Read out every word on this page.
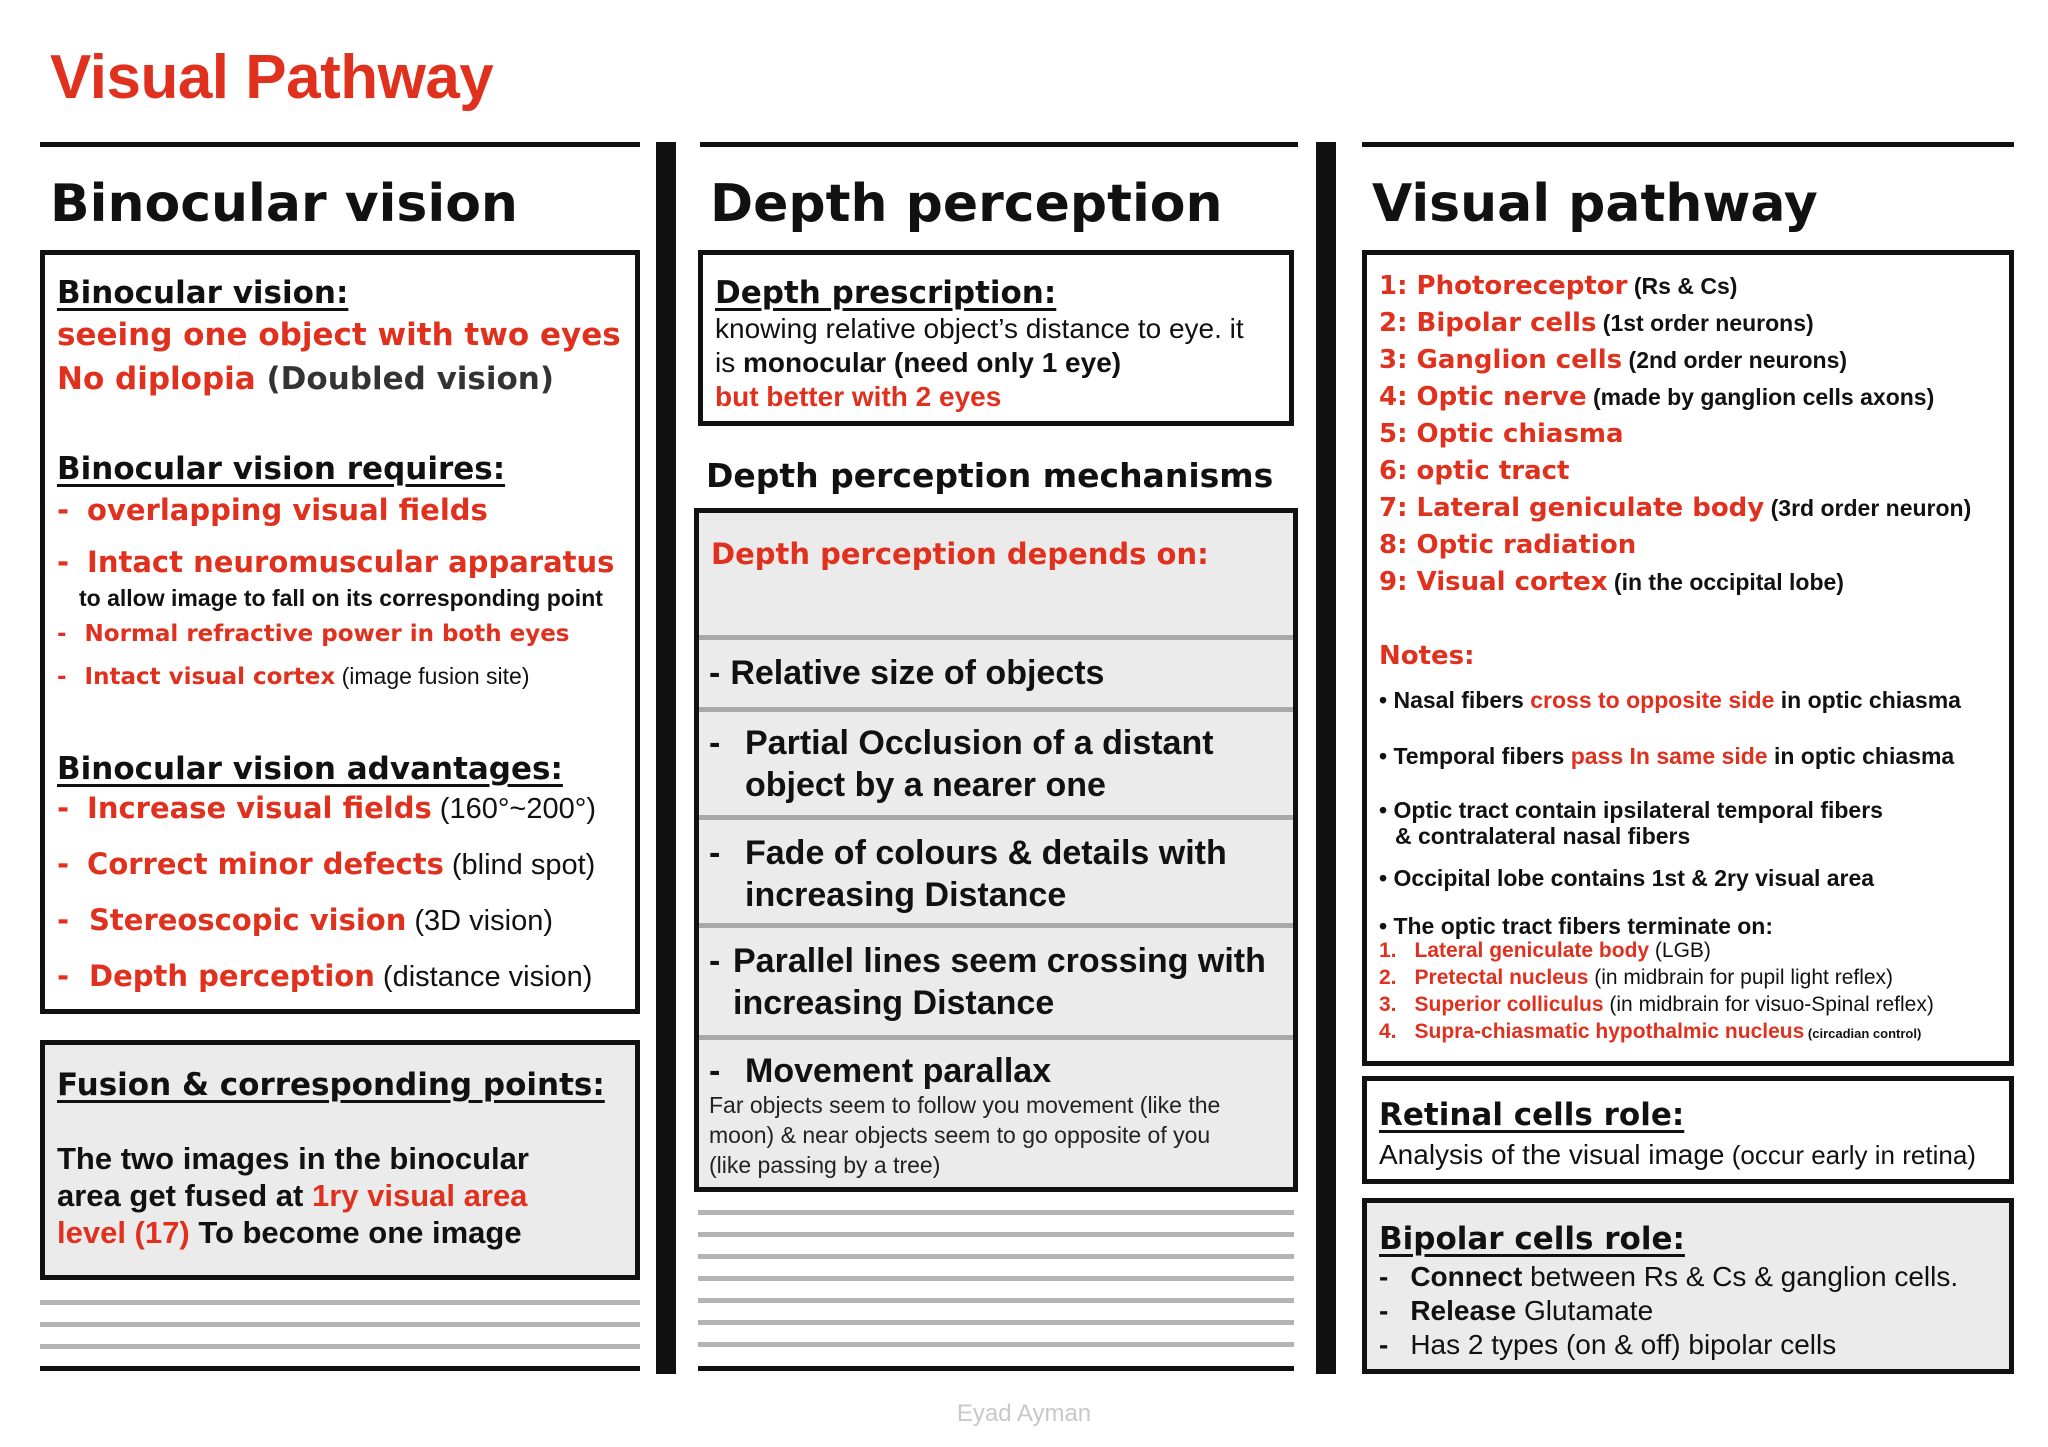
Visual Pathway
Binocular vision
Binocular vision:
seeing one object with two eyes
No diplopia (Doubled vision)
Binocular vision requires:
- overlapping visual fields
- Intact neuromuscular apparatus
to allow image to fall on its corresponding point
- Normal refractive power in both eyes
- Intact visual cortex (image fusion site)
Binocular vision advantages:
- Increase visual fields (160°~200°)
- Correct minor defects (blind spot)
- Stereoscopic vision (3D vision)
- Depth perception (distance vision)
Fusion & corresponding points:
The two images in the binocular
area get fused at 1ry visual area
level (17) To become one image
Depth perception
Depth prescription:
knowing relative object’s distance to eye. it
is monocular (need only 1 eye)
but better with 2 eyes
Depth perception mechanisms
Depth perception depends on:
- Relative size of objects
- Partial Occlusion of a distant
object by a nearer one
- Fade of colours & details with
increasing Distance
- Parallel lines seem crossing with
increasing Distance
- Movement parallax
Far objects seem to follow you movement (like the
moon) & near objects seem to go opposite of you
(like passing by a tree)
Visual pathway
1: Photoreceptor (Rs & Cs)
2: Bipolar cells (1st order neurons)
3: Ganglion cells (2nd order neurons)
4: Optic nerve (made by ganglion cells axons)
5: Optic chiasma
6: optic tract
7: Lateral geniculate body (3rd order neuron)
8: Optic radiation
9: Visual cortex (in the occipital lobe)
Notes:
• Nasal fibers cross to opposite side in optic chiasma
• Temporal fibers pass In same side in optic chiasma
• Optic tract contain ipsilateral temporal fibers
& contralateral nasal fibers
• Occipital lobe contains 1st & 2ry visual area
• The optic tract fibers terminate on:
1. Lateral geniculate body (LGB)
2. Pretectal nucleus (in midbrain for pupil light reflex)
3. Superior colliculus (in midbrain for visuo-Spinal reflex)
4. Supra-chiasmatic hypothalmic nucleus (circadian control)
Retinal cells role:
Analysis of the visual image (occur early in retina)
Bipolar cells role:
- Connect between Rs & Cs & ganglion cells.
- Release Glutamate
- Has 2 types (on & off) bipolar cells
Eyad Ayman
